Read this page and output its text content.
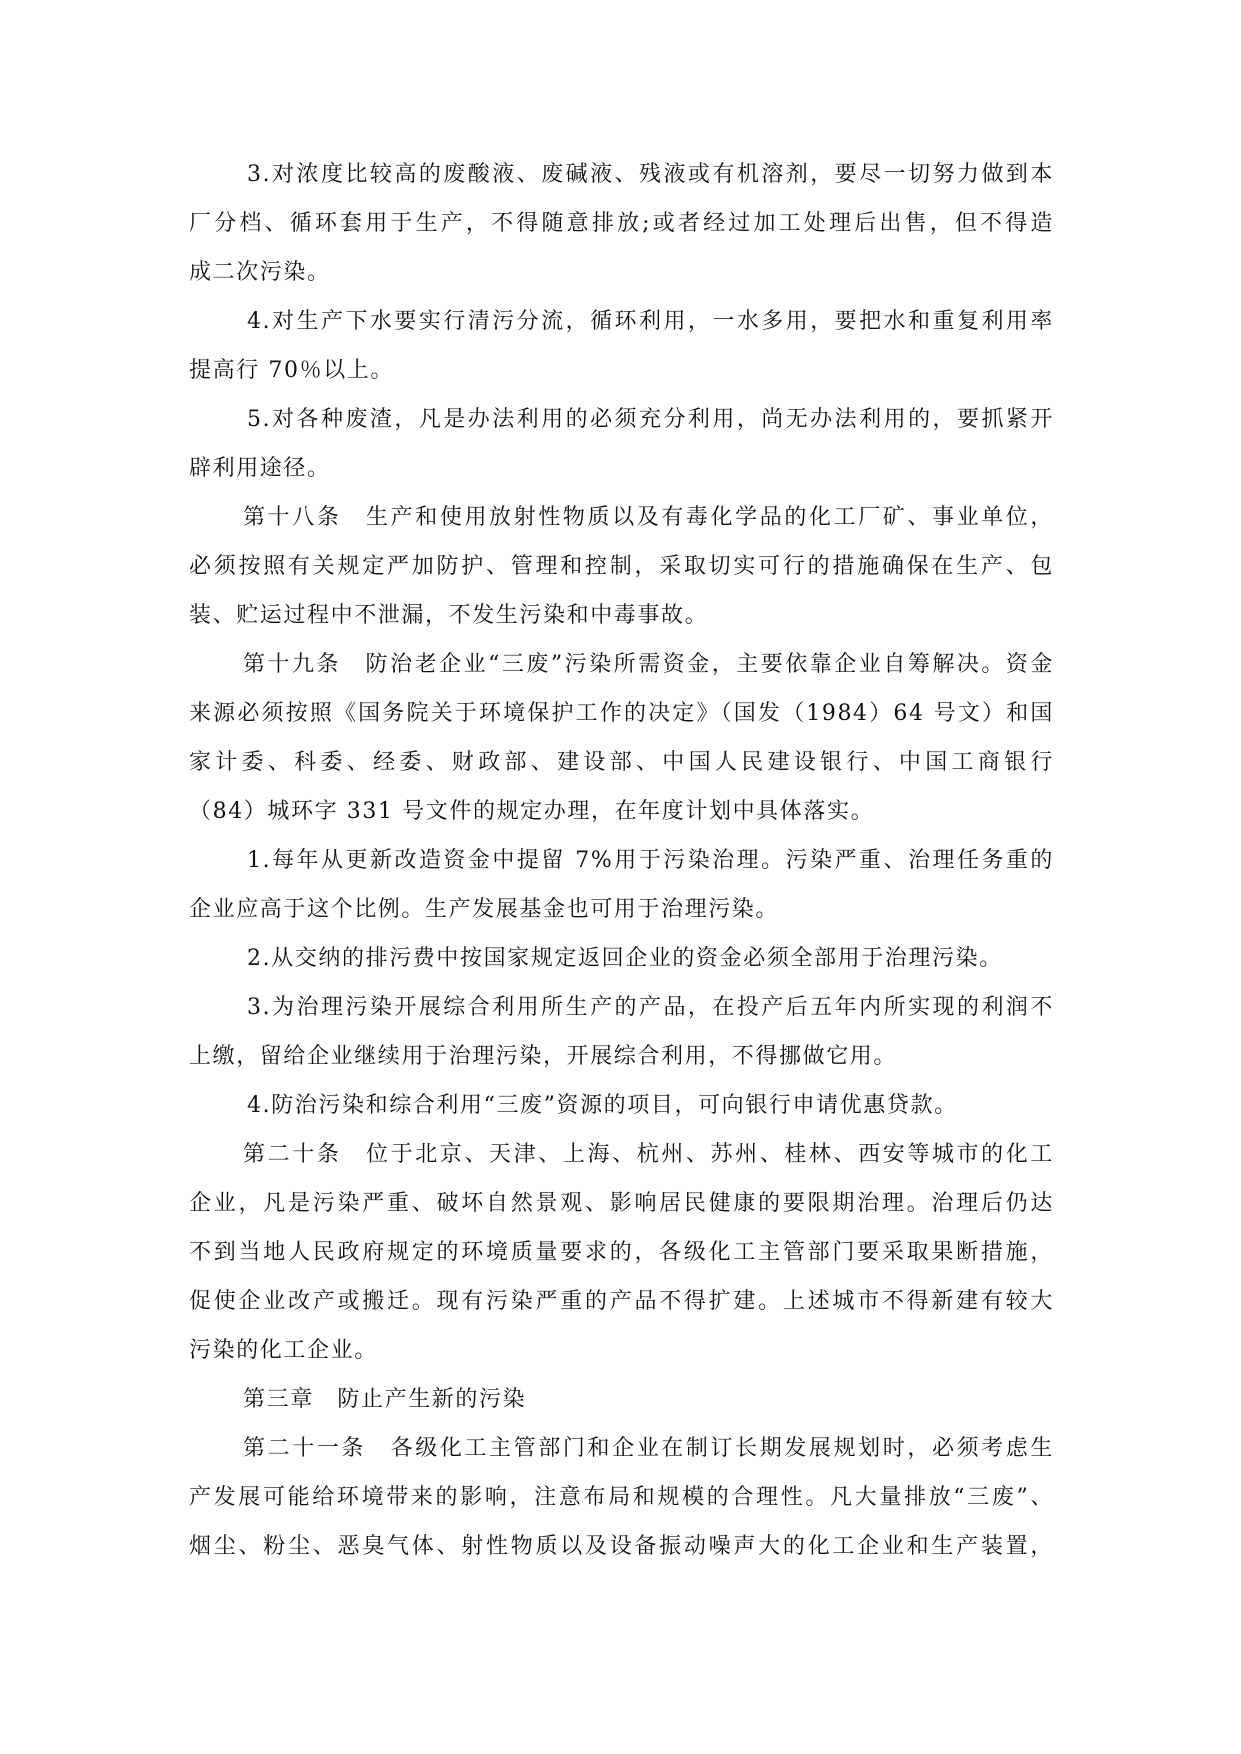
3.对浓度比较高的废酸液、废碱液、残液或有机溶剂，要尽一切努力做到本
厂分档、循环套用于生产，不得随意排放;或者经过加工处理后出售，但不得造
成二次污染。
4.对生产下水要实行清污分流，循环利用，一水多用，要把水和重复利用率
提高行 70％以上。
5.对各种废渣，凡是办法利用的必须充分利用，尚无办法利用的，要抓紧开
辟利用途径。
第十八条　生产和使用放射性物质以及有毒化学品的化工厂矿、事业单位，
必须按照有关规定严加防护、管理和控制，采取切实可行的措施确保在生产、包
装、贮运过程中不泄漏，不发生污染和中毒事故。
第十九条　防治老企业“三废”污染所需资金，主要依靠企业自筹解决。资金
来源必须按照《国务院关于环境保护工作的决定》（国发（1984）64 号文）和国
家计委、科委、经委、财政部、建设部、中国人民建设银行、中国工商银行
（84）城环字 331 号文件的规定办理，在年度计划中具体落实。
1.每年从更新改造资金中提留 7%用于污染治理。污染严重、治理任务重的
企业应高于这个比例。生产发展基金也可用于治理污染。
2.从交纳的排污费中按国家规定返回企业的资金必须全部用于治理污染。
3.为治理污染开展综合利用所生产的产品，在投产后五年内所实现的利润不
上缴，留给企业继续用于治理污染，开展综合利用，不得挪做它用。
4.防治污染和综合利用“三废”资源的项目，可向银行申请优惠贷款。
第二十条　位于北京、天津、上海、杭州、苏州、桂林、西安等城市的化工
企业，凡是污染严重、破坏自然景观、影响居民健康的要限期治理。治理后仍达
不到当地人民政府规定的环境质量要求的，各级化工主管部门要采取果断措施，
促使企业改产或搬迁。现有污染严重的产品不得扩建。上述城市不得新建有较大
污染的化工企业。
第三章　防止产生新的污染
第二十一条　各级化工主管部门和企业在制订长期发展规划时，必须考虑生
产发展可能给环境带来的影响，注意布局和规模的合理性。凡大量排放“三废”、
烟尘、粉尘、恶臭气体、射性物质以及设备振动噪声大的化工企业和生产装置，
